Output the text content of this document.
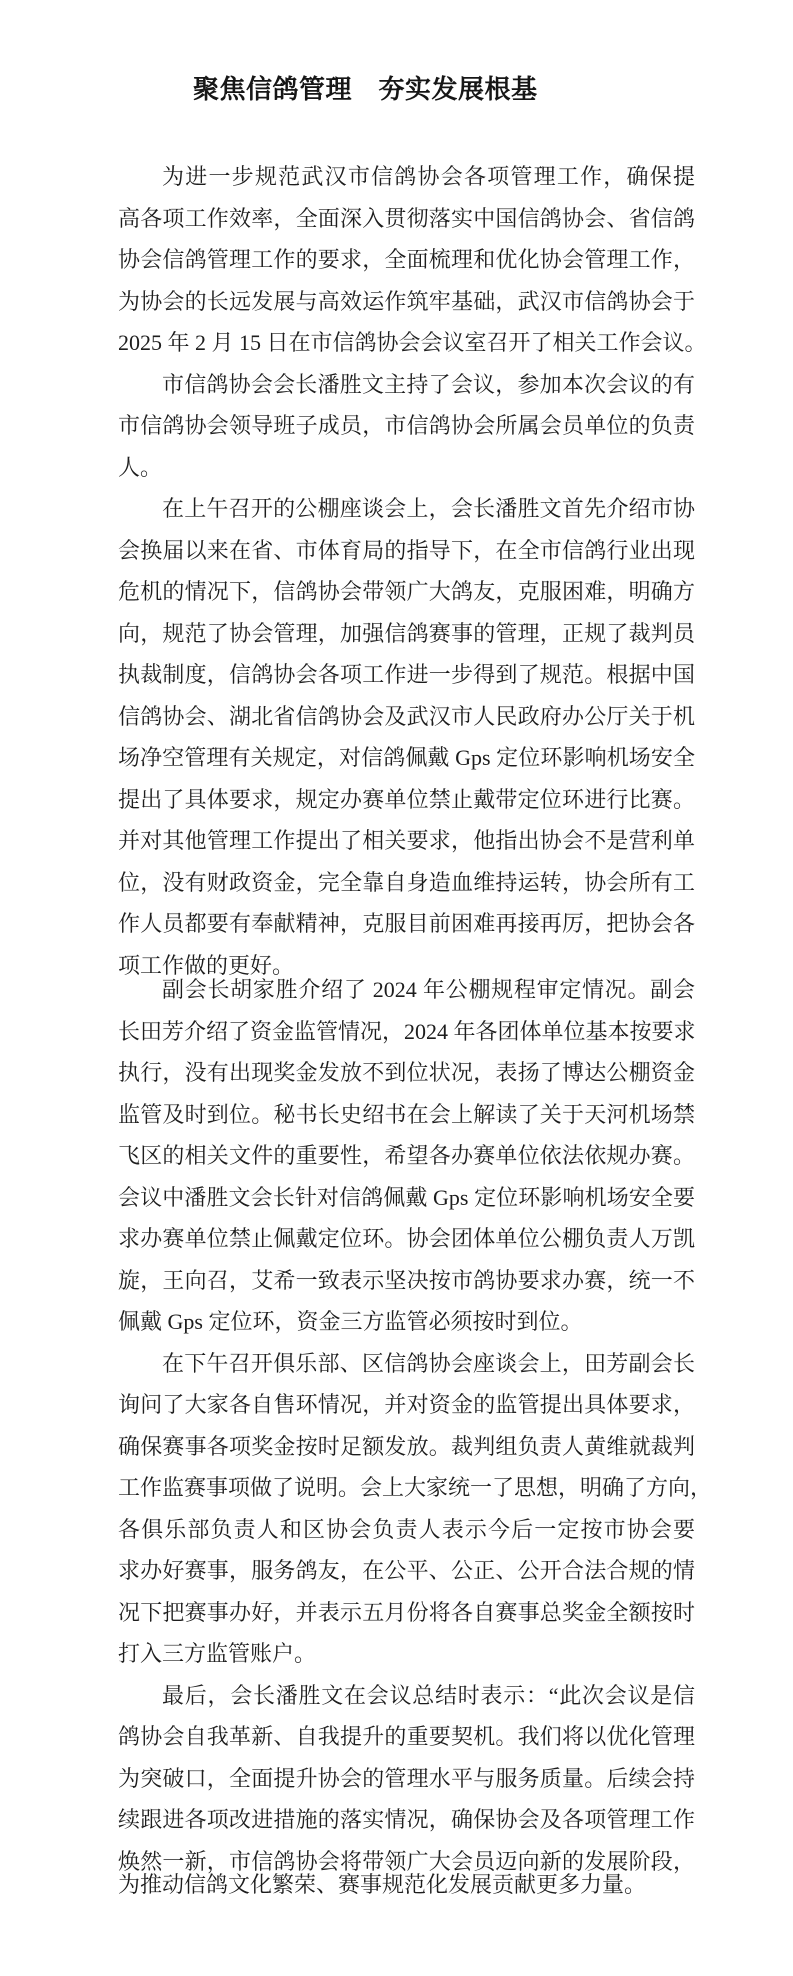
聚焦信鸽管理　夯实发展根基
为进一步规范武汉市信鸽协会各项管理工作，确保提
高各项工作效率，全面深入贯彻落实中国信鸽协会、省信鸽
协会信鸽管理工作的要求，全面梳理和优化协会管理工作，
为协会的长远发展与高效运作筑牢基础，武汉市信鸽协会于
2025 年 2 月 15 日在市信鸽协会会议室召开了相关工作会议。
市信鸽协会会长潘胜文主持了会议，参加本次会议的有
市信鸽协会领导班子成员，市信鸽协会所属会员单位的负责
人。
在上午召开的公棚座谈会上，会长潘胜文首先介绍市协
会换届以来在省、市体育局的指导下，在全市信鸽行业出现
危机的情况下，信鸽协会带领广大鸽友，克服困难，明确方
向，规范了协会管理，加强信鸽赛事的管理，正规了裁判员
执裁制度，信鸽协会各项工作进一步得到了规范。根据中国
信鸽协会、湖北省信鸽协会及武汉市人民政府办公厅关于机
场净空管理有关规定，对信鸽佩戴 Gps 定位环影响机场安全
提出了具体要求，规定办赛单位禁止戴带定位环进行比赛。
并对其他管理工作提出了相关要求，他指出协会不是营利单
位，没有财政资金，完全靠自身造血维持运转，协会所有工
作人员都要有奉献精神，克服目前困难再接再厉，把协会各
项工作做的更好。
副会长胡家胜介绍了 2024 年公棚规程审定情况。副会
长田芳介绍了资金监管情况，2024 年各团体单位基本按要求
执行，没有出现奖金发放不到位状况，表扬了博达公棚资金
监管及时到位。秘书长史绍书在会上解读了关于天河机场禁
飞区的相关文件的重要性，希望各办赛单位依法依规办赛。
会议中潘胜文会长针对信鸽佩戴 Gps 定位环影响机场安全要
求办赛单位禁止佩戴定位环。协会团体单位公棚负责人万凯
旋，王向召，艾希一致表示坚决按市鸽协要求办赛，统一不
佩戴 Gps 定位环，资金三方监管必须按时到位。
在下午召开俱乐部、区信鸽协会座谈会上，田芳副会长
询问了大家各自售环情况，并对资金的监管提出具体要求，
确保赛事各项奖金按时足额发放。裁判组负责人黄维就裁判
工作监赛事项做了说明。会上大家统一了思想，明确了方向，
各俱乐部负责人和区协会负责人表示今后一定按市协会要
求办好赛事，服务鸽友，在公平、公正、公开合法合规的情
况下把赛事办好，并表示五月份将各自赛事总奖金全额按时
打入三方监管账户。
最后，会长潘胜文在会议总结时表示：“此次会议是信
鸽协会自我革新、自我提升的重要契机。我们将以优化管理
为突破口，全面提升协会的管理水平与服务质量。后续会持
续跟进各项改进措施的落实情况，确保协会及各项管理工作
焕然一新，市信鸽协会将带领广大会员迈向新的发展阶段，
为推动信鸽文化繁荣、赛事规范化发展贡献更多力量。
